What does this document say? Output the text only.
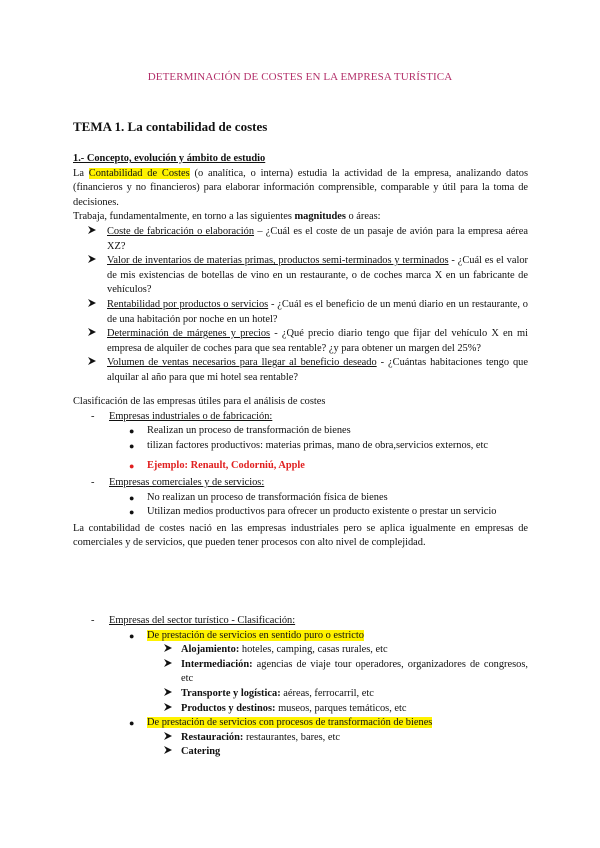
DETERMINACIÓN DE COSTES EN LA EMPRESA TURÍSTICA
TEMA 1. La contabilidad de costes
1.- Concepto, evolución y ámbito de estudio
La Contabilidad de Costes (o analítica, o interna) estudia la actividad de la empresa, analizando datos (financieros y no financieros) para elaborar información comprensible, comparable y útil para la toma de decisiones.
Trabaja, fundamentalmente, en torno a las siguientes magnitudes o áreas:
Coste de fabricación o elaboración – ¿Cuál es el coste de un pasaje de avión para la empresa aérea XZ?
Valor de inventarios de materias primas, productos semi-terminados y terminados - ¿Cuál es el valor de mis existencias de botellas de vino en un restaurante, o de coches marca X en un fabricante de vehículos?
Rentabilidad por productos o servicios - ¿Cuál es el beneficio de un menú diario en un restaurante, o de una habitación por noche en un hotel?
Determinación de márgenes y precios - ¿Qué precio diario tengo que fijar del vehículo X en mi empresa de alquiler de coches para que sea rentable? ¿y para obtener un margen del 25%?
Volumen de ventas necesarios para llegar al beneficio deseado - ¿Cuántas habitaciones tengo que alquilar al año para que mi hotel sea rentable?
Clasificación de las empresas útiles para el análisis de costes
- Empresas industriales o de fabricación:
● Realizan un proceso de transformación de bienes
● tilizan factores productivos: materias primas, mano de obra,servicios externos, etc
● Ejemplo: Renault, Codorniú, Apple
- Empresas comerciales y de servicios:
● No realizan un proceso de transformación física de bienes
● Utilizan medios productivos para ofrecer un producto existente o prestar un servicio
La contabilidad de costes nació en las empresas industriales pero se aplica igualmente en empresas de comerciales y de servicios, que pueden tener procesos con alto nivel de complejidad.
- Empresas del sector turístico - Clasificación:
● De prestación de servicios en sentido puro o estricto
Alojamiento: hoteles, camping, casas rurales, etc
Intermediación: agencias de viaje tour operadores, organizadores de congresos, etc
Transporte y logística: aéreas, ferrocarril, etc
Productos y destinos: museos, parques temáticos, etc
● De prestación de servicios con procesos de transformación de bienes
Restauración: restaurantes, bares, etc
Catering
